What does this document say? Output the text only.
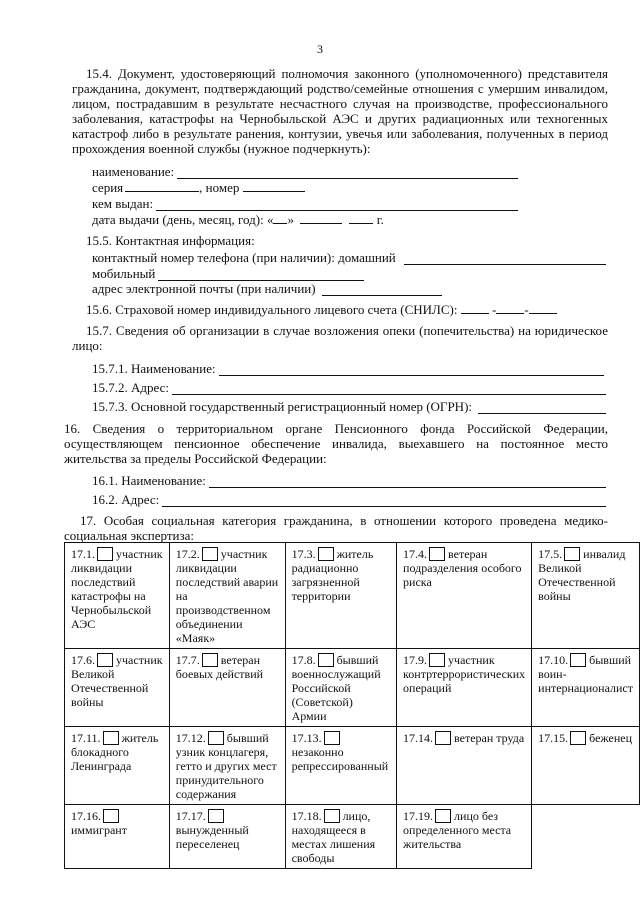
3
15.4. Документ, удостоверяющий полномочия законного (уполномоченного) представителя гражданина, документ, подтверждающий родство/семейные отношения с умершим инвалидом, лицом, пострадавшим в результате несчастного случая на производстве, профессионального заболевания, катастрофы на Чернобыльской АЭС и других радиационных или техногенных катастроф либо в результате ранения, контузии, увечья или заболевания, полученных в период прохождения военной службы (нужное подчеркнуть):
наименование:
серия	, номер
кем выдан:
дата выдачи (день, месяц, год): « »	г.
15.5. Контактная информация:
контактный номер телефона (при наличии): домашний
мобильный
адрес электронной почты (при наличии)
15.6. Страховой номер индивидуального лицевого счета (СНИЛС):	- -
15.7. Сведения об организации в случае возложения опеки (попечительства) на юридическое лицо:
15.7.1. Наименование:
15.7.2. Адрес:
15.7.3. Основной государственный регистрационный номер (ОГРН):
16. Сведения о территориальном органе Пенсионного фонда Российской Федерации, осуществляющем пенсионное обеспечение инвалида, выехавшего на постоянное место жительства за пределы Российской Федерации:
16.1. Наименование:
16.2. Адрес:
17. Особая социальная категория гражданина, в отношении которого проведена медико-социальная экспертиза:
17.1. участник ликвидации последствий катастрофы на Чернобыльской АЭС	17.2. участник ликвидации последствий аварии на производственном объединении «Маяк»	17.3. житель радиационно загрязненной территории	17.4. ветеран подразделения особого риска	17.5. инвалид Великой Отечественной войны
17.6. участник Великой Отечественной войны	17.7. ветеран боевых действий	17.8. бывший военнослужащий Российской (Советской) Армии	17.9. участник контртеррористических операций	17.10. бывший воин-интернационалист
17.11. житель блокадного Ленинграда	17.12. бывший узник концлагеря, гетто и других мест принудительного содержания	17.13.незаконно репрессированный	17.14. ветеран труда	17.15. беженец
17.16.иммигрант	17.17.вынужденный переселенец	17.18. лицо, находящееся в местах лишения свободы	17.19. лицо без определенного места жительства	
